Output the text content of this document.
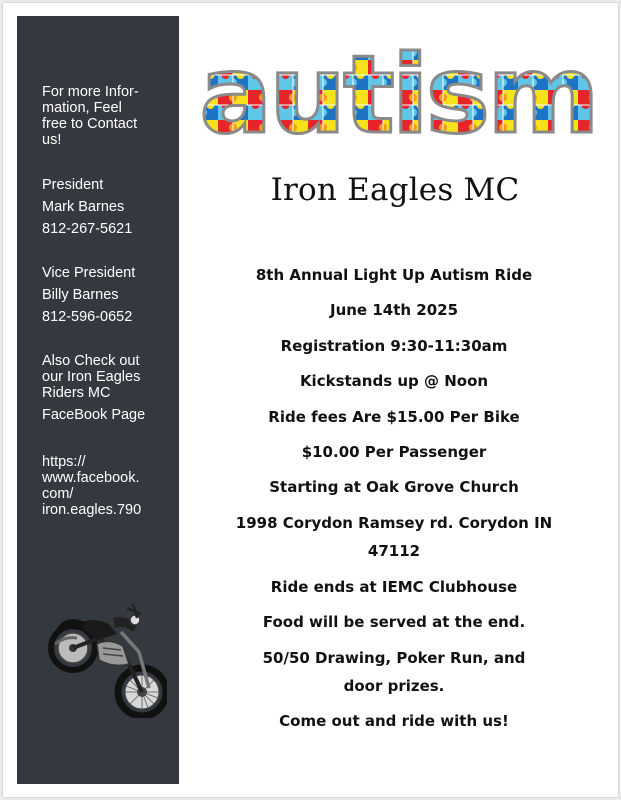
For more Infor-
mation, Feel
free to Contact
us!
President
Mark Barnes
812-267-5621
Vice President
Billy Barnes
812-596-0652
Also Check out
our Iron Eagles
Riders MC
FaceBook Page
https://
www.facebook.
com/
iron.eagles.790
autism
Iron Eagles MC
8th Annual Light Up Autism Ride
June 14th 2025
Registration 9:30-11:30am
Kickstands up @ Noon
Ride fees Are $15.00 Per Bike
$10.00 Per Passenger
Starting at Oak Grove Church
1998 Corydon Ramsey rd. Corydon IN
47112
Ride ends at IEMC Clubhouse
Food will be served at the end.
50/50 Drawing, Poker Run, and
door prizes.
Come out and ride with us!
